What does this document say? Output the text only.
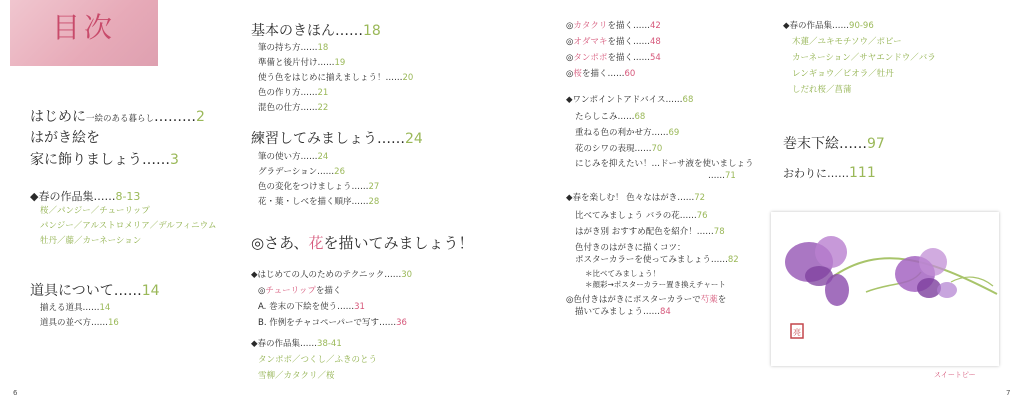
目次
はじめに一絵のある暮らし………2
はがき絵を
家に飾りましょう……3
◆春の作品集……8-13
桜／パンジー／チューリップ
パンジー／アルストロメリア／デルフィニウム
牡丹／藤／カーネーション
道具について……14
揃える道具……14
道具の並べ方……16
基本のきほん……18
筆の持ち方……18
準備と後片付け……19
使う色をはじめに揃えましょう！……20
色の作り方……21
混色の仕方……22
練習してみましょう……24
筆の使い方……24
グラデーション……26
色の変化をつけましょう……27
花・葉・しべを描く順序……28
◎さあ、花を描いてみましょう！
◆はじめての人のためのテクニック……30
◎チューリップを描く
A. 巻末の下絵を使う……31
B. 作例をチャコペーパーで写す……36
◆春の作品集……38-41
タンポポ／つくし／ふきのとう
雪柳／カタクリ／桜
◎カタクリを描く……42
◎オダマキを描く……48
◎タンポポを描く……54
◎桜を描く……60
◆ワンポイントアドバイス……68
たらしこみ……68
重ねる色の利かせ方……69
花のシワの表現……70
にじみを抑えたい！…ドーサ液を使いましょう
……71
◆春を楽しむ！ 色々なはがき……72
比べてみましょう バラの花……76
はがき別 おすすめ配色を紹介！……78
色付きのはがきに描くコツ：
ポスターカラーを使ってみましょう……82
＊比べてみましょう！
＊顔彩→ポスターカラー置き換えチャート
◎色付きはがきにポスターカラーで芍薬を
描いてみましょう……84
◆春の作品集……90-96
木蓮／ユキモチソウ／ポピー
カーネーション／サヤエンドウ／バラ
レンギョウ／ビオラ／牡丹
しだれ桜／菖蒲
巻末下絵……97
おわりに……111
亮
スイートピー
6	7
